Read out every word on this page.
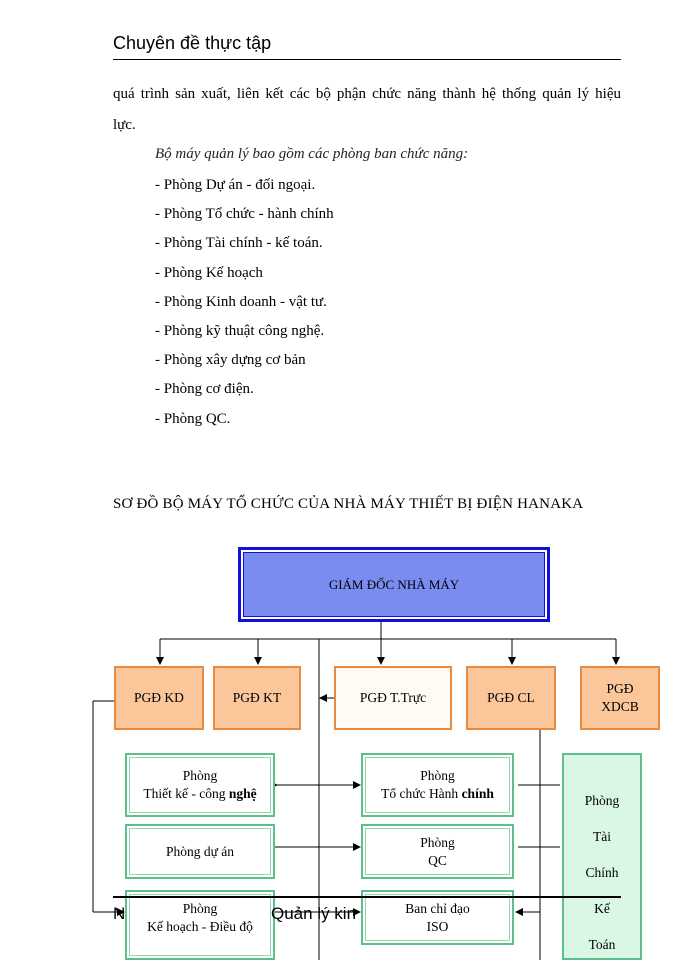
Chuyên đề thực tập
quá trình sản xuất, liên kết các bộ phận chức năng thành hệ thống quản lý hiệu
lực.
Bộ máy quản lý bao gồm các phòng ban chức năng:
- Phòng Dự án - đối ngoại.
- Phòng Tổ chức - hành chính
- Phòng Tài chính - kế toán.
- Phòng Kế hoạch
- Phòng Kinh doanh - vật tư.
- Phòng kỹ thuật công nghệ.
- Phòng xây dựng cơ bản
- Phòng cơ điện.
- Phòng QC.
SƠ ĐỒ BỘ MÁY TỔ CHỨC CỦA NHÀ MÁY THIẾT BỊ ĐIỆN HANAKA
GIÁM ĐỐC NHÀ MÁY
PGĐ KD	PGĐ KT	PGĐ T.Trực	PGĐ CL
PGĐ
XDCB
Phòng
Thiết kế - công nghệ
Phòng
Tổ chức Hành chính
Phòng dự án
Phòng
QC
Phòng
Kế hoạch - Điều độ
Ban chỉ đạo
ISO
Phòng
Tài
Chính
Kế
Toán
N	Quản lý kin
